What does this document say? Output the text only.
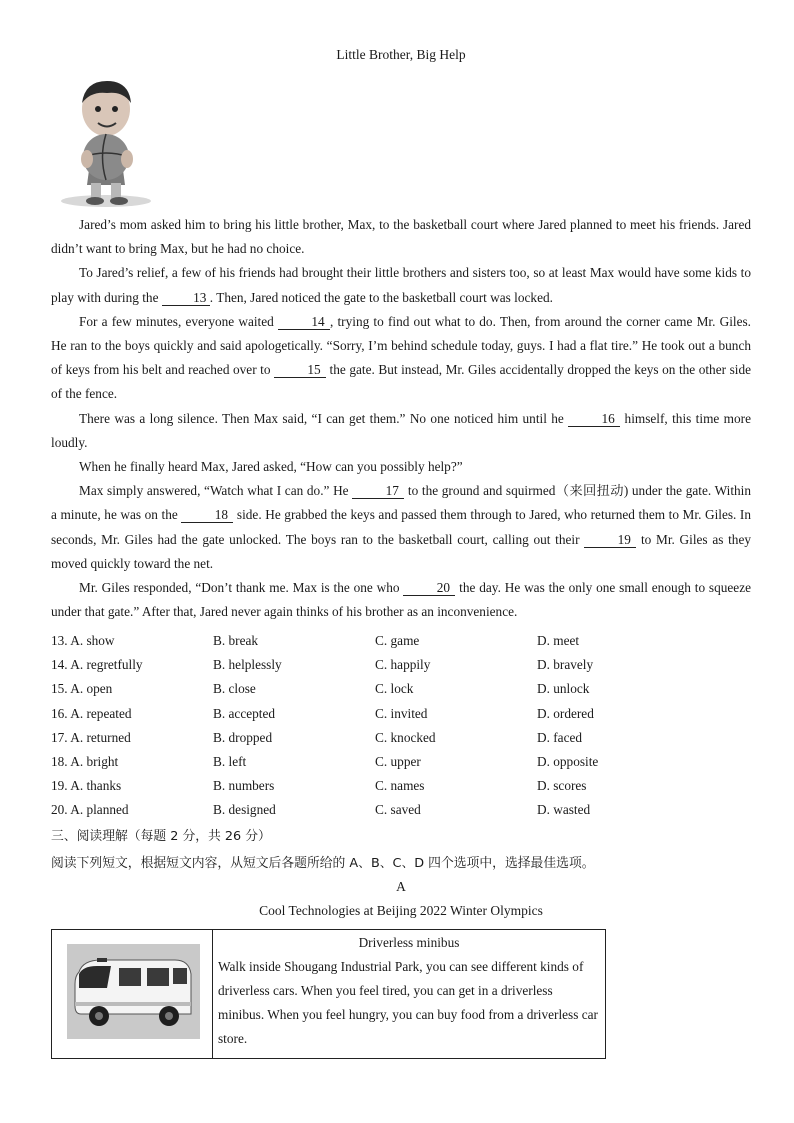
Little Brother, Big Help

Jared’s mom asked him to bring his little brother, Max, to the basketball court where Jared planned to meet his friends. Jared didn’t want to bring Max, but he had no choice.

To Jared’s relief, a few of his friends had brought their little brothers and sisters too, so at least Max would have some kids to play with during the 13 . Then, Jared noticed the gate to the basketball court was locked.

For a few minutes, everyone waited	14 , trying to find out what to do. Then, from around the corner came Mr. Giles. He ran to the boys quickly and said apologetically. “Sorry, I’m behind schedule today, guys. I had a flat tire.” He took out a bunch of keys from his belt and reached over to	15 the gate. But instead, Mr. Giles accidentally dropped the keys on the other side of the fence.

There was a long silence. Then Max said, “I can get them.” No one noticed him until he	16 himself, this time more loudly.

When he finally heard Max, Jared asked, “How can you possibly help?”

Max simply answered, “Watch what I can do.” He	17 to the ground and squirmed（来回扭动) under the gate. Within a minute, he was on the	18 side. He grabbed the keys and passed them through to Jared, who returned them to Mr. Giles. In seconds, Mr. Giles had the gate unlocked. The boys ran to the basketball court, calling out their	19 to Mr. Giles as they moved quickly toward the net.

Mr. Giles responded, “Don’t thank me. Max is the one who	20 the day. He was the only one small enough to squeeze under that gate.” After that, Jared never again thinks of his brother as an inconvenience.

13. A. show	B. break	C. game	D. meet
14. A. regretfully	B. helplessly	C. happily	D. bravely
15. A. open	B. close	C. lock	D. unlock
16. A. repeated	B. accepted	C. invited	D. ordered
17. A. returned	B. dropped	C. knocked	D. faced
18. A. bright	B. left	C. upper	D. opposite
19. A. thanks	B. numbers	C. names	D. scores
20. A. planned	B. designed	C. saved	D. wasted
三、阅读理解（每题 2 分，共 26 分）
阅读下列短文，根据短文内容，从短文后各题所给的 A、B、C、D 四个选项中，选择最佳选项。
A
Cool Technologies at Beijing 2022 Winter Olympics
Driverless minibus
Walk inside Shougang Industrial Park, you can see different kinds of driverless cars. When you feel tired, you can get in a driverless minibus. When you feel hungry, you can buy food from a driverless car store.
